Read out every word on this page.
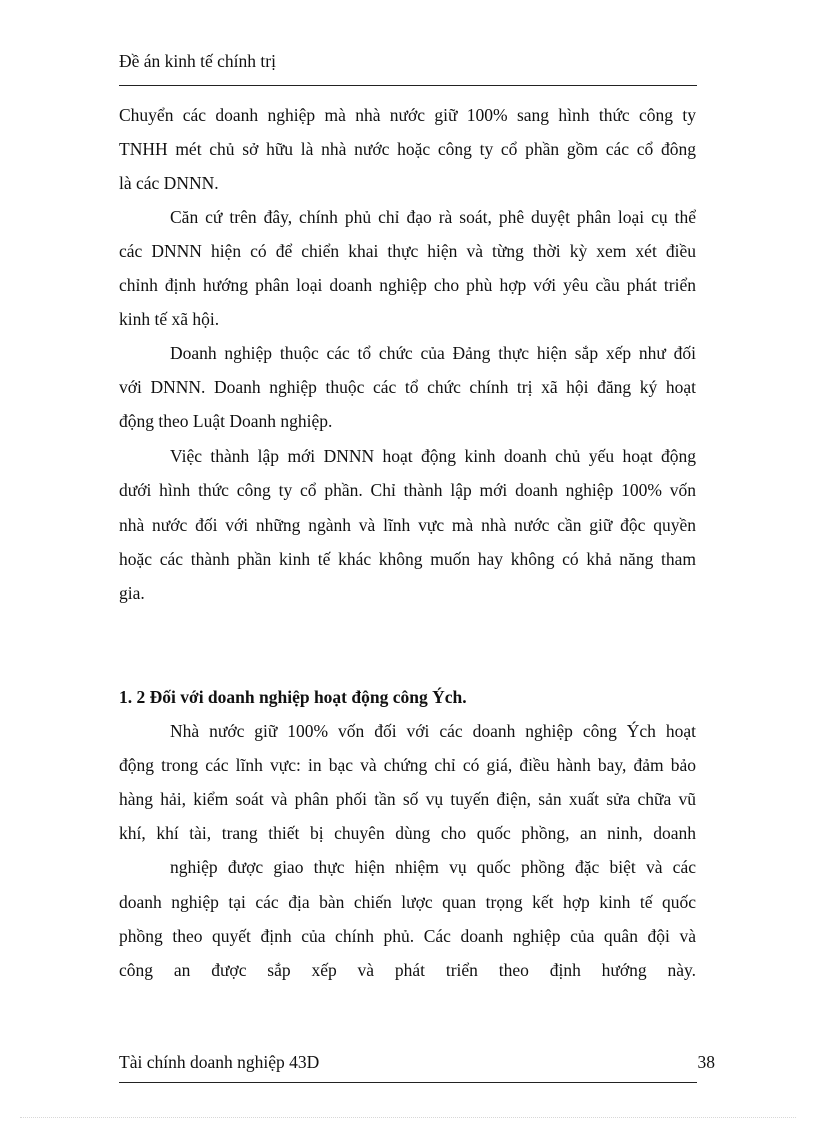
Đề án kinh tế chính trị
Chuyển các doanh nghiệp mà nhà nước giữ 100% sang hình thức công ty
TNHH mét chủ sở hữu là nhà nước hoặc công ty cổ phần gồm các cổ đông
là các DNNN.
Căn cứ trên đây, chính phủ chỉ đạo rà soát, phê duyệt phân loại cụ thể
các DNNN hiện có để chiển khai thực hiện và từng thời kỳ xem xét điều
chỉnh định hướng phân loại doanh nghiệp cho phù hợp với yêu cầu phát triển
kinh tế xã hội.
Doanh nghiệp thuộc các tổ chức của Đảng thực hiện sắp xếp như đối
với DNNN. Doanh nghiệp thuộc các tổ chức chính trị xã hội đăng ký hoạt
động theo Luật Doanh nghiệp.
Việc thành lập mới DNNN hoạt động kinh doanh chủ yếu hoạt động
dưới hình thức công ty cổ phần. Chỉ thành lập mới doanh nghiệp 100% vốn
nhà nước đối với những ngành và lĩnh vực mà nhà nước cần giữ độc quyền
hoặc các thành phần kinh tế khác không muốn hay không có khả năng tham
gia.
1. 2 Đối với doanh nghiệp hoạt động công Ých.
Nhà nước giữ 100% vốn đối với các doanh nghiệp công Ých hoạt
động trong các lĩnh vực: in bạc và chứng chỉ có giá, điều hành bay, đảm bảo
hàng hải, kiểm soát và phân phối tần số vụ tuyến điện, sản xuất sửa chữa vũ
khí, khí tài, trang thiết bị chuyên dùng cho quốc phồng, an ninh, doanh
nghiệp được giao thực hiện nhiệm vụ quốc phồng đặc biệt và các
doanh nghiệp tại các địa bàn chiến lược quan trọng kết hợp kinh tế quốc
phồng theo quyết định của chính phủ. Các doanh nghiệp của quân đội và
công an được sắp xếp và phát triển theo định hướng này.
Tài chính doanh nghiệp 43D	38
